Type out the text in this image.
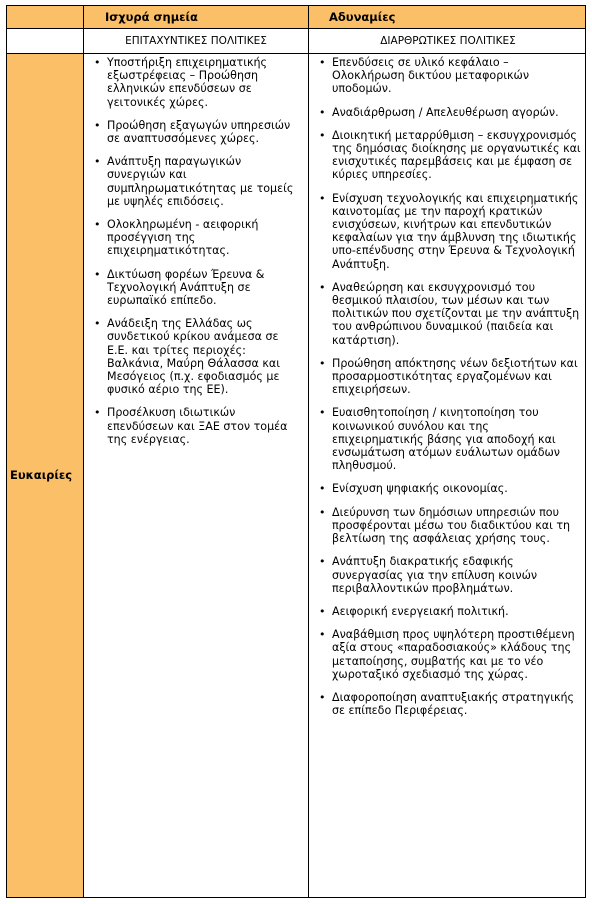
Ισχυρά σημεία	Αδυναμίες
ΕΠΙΤΑΧΥΝΤΙΚΕΣ ΠΟΛΙΤΙΚΕΣ	ΔΙΑΡΘΡΩΤΙΚΕΣ ΠΟΛΙΤΙΚΕΣ
Ευκαιρίες
• Υποστήριξη επιχειρηματικής εξωστρέφειας – Προώθηση ελληνικών επενδύσεων σε γειτονικές χώρες.
• Προώθηση εξαγωγών υπηρεσιών σε αναπτυσσόμενες χώρες.
• Ανάπτυξη παραγωγικών συνεργιών και συμπληρωματικότητας με τομείς με υψηλές επιδόσεις.
• Ολοκληρωμένη - αειφορική προσέγγιση της επιχειρηματικότητας.
• Δικτύωση φορέων Έρευνα & Τεχνολογική Ανάπτυξη σε ευρωπαϊκό επίπεδο.
• Ανάδειξη της Ελλάδας ως συνδετικού κρίκου ανάμεσα σε Ε.Ε. και τρίτες περιοχές: Βαλκάνια, Μαύρη Θάλασσα και Μεσόγειος (π.χ. εφοδιασμός με φυσικό αέριο της ΕΕ).
• Προσέλκυση ιδιωτικών επενδύσεων και ΞΑΕ στον τομέα της ενέργειας.
• Επενδύσεις σε υλικό κεφάλαιο – Ολοκλήρωση δικτύου μεταφορικών υποδομών.
• Αναδιάρθρωση / Απελευθέρωση αγορών.
• Διοικητική μεταρρύθμιση – εκσυγχρονισμός της δημόσιας διοίκησης με οργανωτικές και ενισχυτικές παρεμβάσεις και με έμφαση σε κύριες υπηρεσίες.
• Ενίσχυση τεχνολογικής και επιχειρηματικής καινοτομίας με την παροχή κρατικών ενισχύσεων, κινήτρων και επενδυτικών κεφαλαίων για την άμβλυνση της ιδιωτικής υπο-επένδυσης στην Έρευνα & Τεχνολογική Ανάπτυξη.
• Αναθεώρηση και εκσυγχρονισμό του θεσμικού πλαισίου, των μέσων και των πολιτικών που σχετίζονται με την ανάπτυξη του ανθρώπινου δυναμικού (παιδεία και κατάρτιση).
• Προώθηση απόκτησης νέων δεξιοτήτων και προσαρμοστικότητας εργαζομένων και επιχειρήσεων.
• Ευαισθητοποίηση / κινητοποίηση του κοινωνικού συνόλου και της επιχειρηματικής βάσης για αποδοχή και ενσωμάτωση ατόμων ευάλωτων ομάδων πληθυσμού.
• Ενίσχυση ψηφιακής οικονομίας.
• Διεύρυνση των δημόσιων υπηρεσιών που προσφέρονται μέσω του διαδικτύου και τη βελτίωση της ασφάλειας χρήσης τους.
• Ανάπτυξη διακρατικής εδαφικής συνεργασίας για την επίλυση κοινών περιβαλλοντικών προβλημάτων.
• Αειφορική ενεργειακή πολιτική.
• Αναβάθμιση προς υψηλότερη προστιθέμενη αξία στους «παραδοσιακούς» κλάδους της μεταποίησης, συμβατής και με το νέο χωροταξικό σχεδιασμό της χώρας.
• Διαφοροποίηση αναπτυξιακής στρατηγικής σε επίπεδο Περιφέρειας.
